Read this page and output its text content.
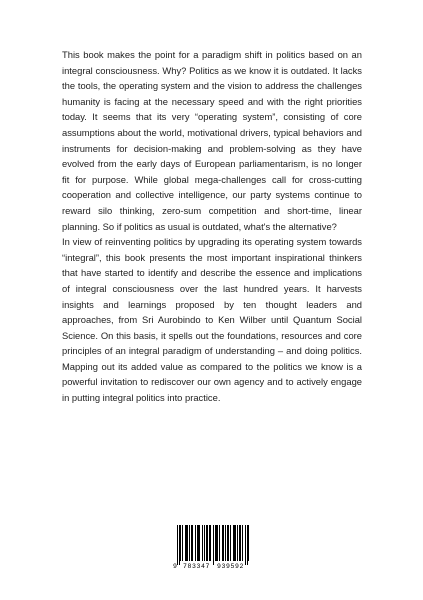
This book makes the point for a paradigm shift in politics based on an integral consciousness. Why? Politics as we know it is outdated. It lacks the tools, the operating system and the vision to address the challenges humanity is facing at the necessary speed and with the right priorities today. It seems that its very “operating system”, consisting of core assumptions about the world, motivational drivers, typical behaviors and instruments for decision-making and problem-solving as they have evolved from the early days of European parliamentarism, is no longer fit for purpose. While global mega-challenges call for cross-cutting cooperation and collective intelligence, our party systems continue to reward silo thinking, zero-sum competition and short-time, linear planning. So if politics as usual is outdated, what's the alternative?

In view of reinventing politics by upgrading its operating system towards “integral”, this book presents the most important inspirational thinkers that have started to identify and describe the essence and implications of integral consciousness over the last hundred years. It harvests insights and learnings proposed by ten thought leaders and approaches, from Sri Aurobindo to Ken Wilber until Quantum Social Science. On this basis, it spells out the foundations, resources and core principles of an integral paradigm of understanding – and doing politics. Mapping out its added value as compared to the politics we know is a powerful invitation to rediscover our own agency and to actively engage in putting integral politics into practice.

9 783347 939592
